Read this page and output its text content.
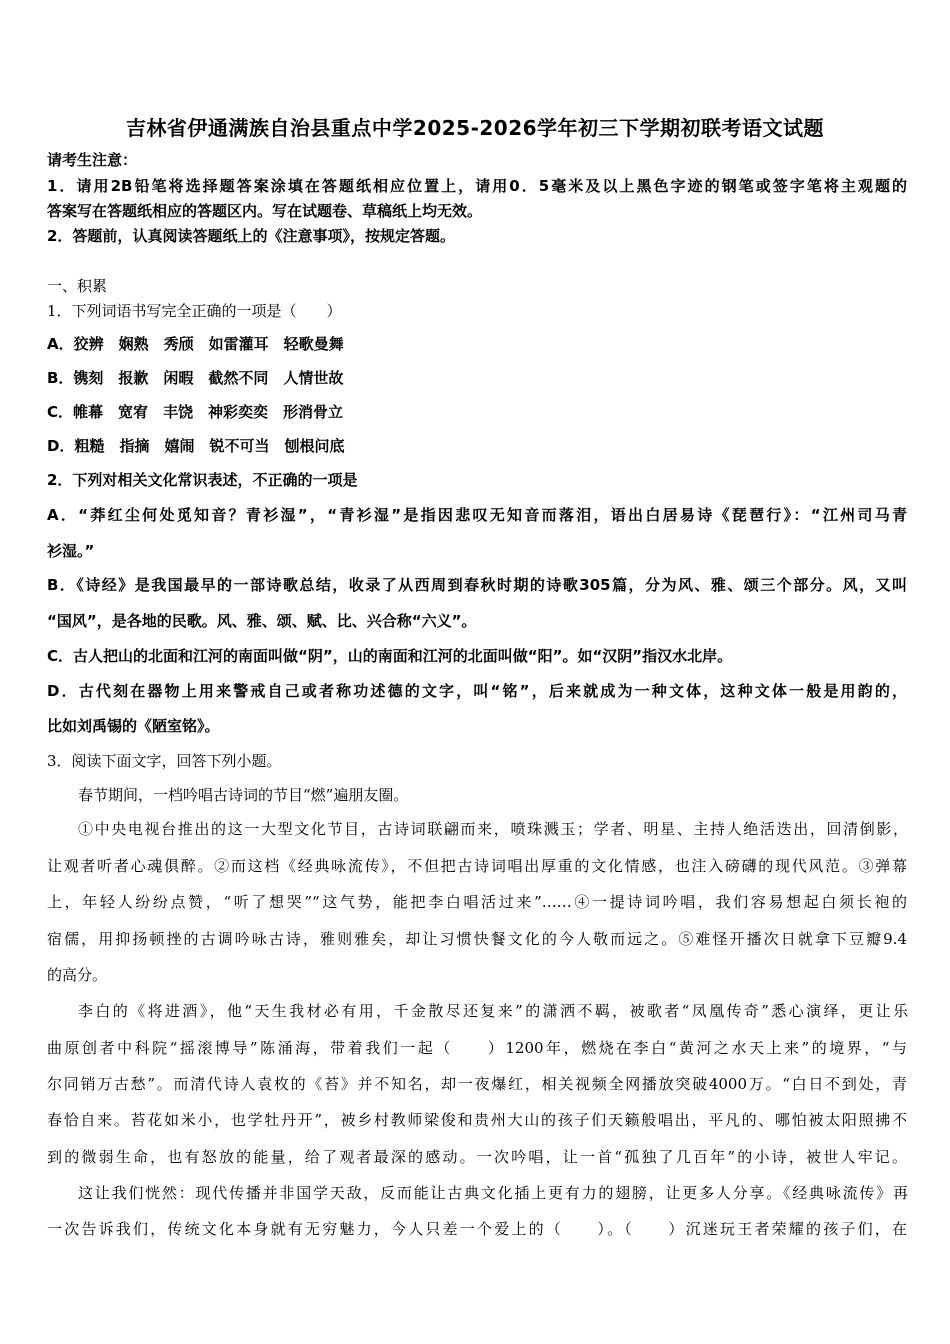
吉林省伊通满族自治县重点中学2025-2026学年初三下学期初联考语文试题
请考生注意：
1．请用2B铅笔将选择题答案涂填在答题纸相应位置上，请用0．5毫米及以上黑色字迹的钢笔或签字笔将主观题的
答案写在答题纸相应的答题区内。写在试题卷、草稿纸上均无效。
2．答题前，认真阅读答题纸上的《注意事项》，按规定答题。
一、积累
1．下列词语书写完全正确的一项是（　　）
A．狡辨　娴熟　秀颀　如雷灌耳　轻歌曼舞
B．镌刻　报歉　闲暇　截然不同　人情世故
C．帷幕　宽宥　丰饶　神彩奕奕　形消骨立
D．粗糙　指摘　嬉闹　锐不可当　刨根问底
2．下列对相关文化常识表述，不正确的一项是
A．“莽红尘何处觅知音？青衫湿”，“青衫湿”是指因悲叹无知音而落泪，语出白居易诗《琵琶行》：“江州司马青
衫湿。”
B．《诗经》是我国最早的一部诗歌总结，收录了从西周到春秋时期的诗歌305篇，分为风、雅、颂三个部分。风，又叫
“国风”，是各地的民歌。风、雅、颂、赋、比、兴合称“六义”。
C．古人把山的北面和江河的南面叫做“阴”，山的南面和江河的北面叫做“阳”。如“汉阴”指汉水北岸。
D．古代刻在器物上用来警戒自己或者称功述德的文字，叫“铭”，后来就成为一种文体，这种文体一般是用韵的，
比如刘禹锡的《陋室铭》。
3．阅读下面文字，回答下列小题。
春节期间，一档吟唱古诗词的节目“燃”遍朋友圈。
①中央电视台推出的这一大型文化节目，古诗词联翩而来，喷珠溅玉；学者、明星、主持人绝活迭出，回清倒影，
让观者听者心魂俱醉。②而这档《经典咏流传》，不但把古诗词唱出厚重的文化情感，也注入磅礴的现代风范。③弹幕
上，年轻人纷纷点赞，“听了想哭”“这气势，能把李白唱活过来”……④一提诗词吟唱，我们容易想起白须长袍的
宿儒，用抑扬顿挫的古调吟咏古诗，雅则雅矣，却让习惯快餐文化的今人敬而远之。⑤难怪开播次日就拿下豆瓣9.4
的高分。
李白的《将进酒》，他“天生我材必有用，千金散尽还复来”的潇洒不羁，被歌者“凤凰传奇”悉心演绎，更让乐
曲原创者中科院“摇滚博导”陈涌海，带着我们一起（　　）1200年，燃烧在李白“黄河之水天上来”的境界，“与
尔同销万古愁”。而清代诗人袁枚的《苔》并不知名，却一夜爆红，相关视频全网播放突破4000万。“白日不到处，青
春恰自来。苔花如米小，也学牡丹开”，被乡村教师梁俊和贵州大山的孩子们天籁般唱出，平凡的、哪怕被太阳照拂不
到的微弱生命，也有怒放的能量，给了观者最深的感动。一次吟唱，让一首“孤独了几百年”的小诗，被世人牢记。
这让我们恍然：现代传播并非国学天敌，反而能让古典文化插上更有力的翅膀，让更多人分享。《经典咏流传》再
一次告诉我们，传统文化本身就有无穷魅力，今人只差一个爱上的（　　）。（　　）沉迷玩王者荣耀的孩子们，在
